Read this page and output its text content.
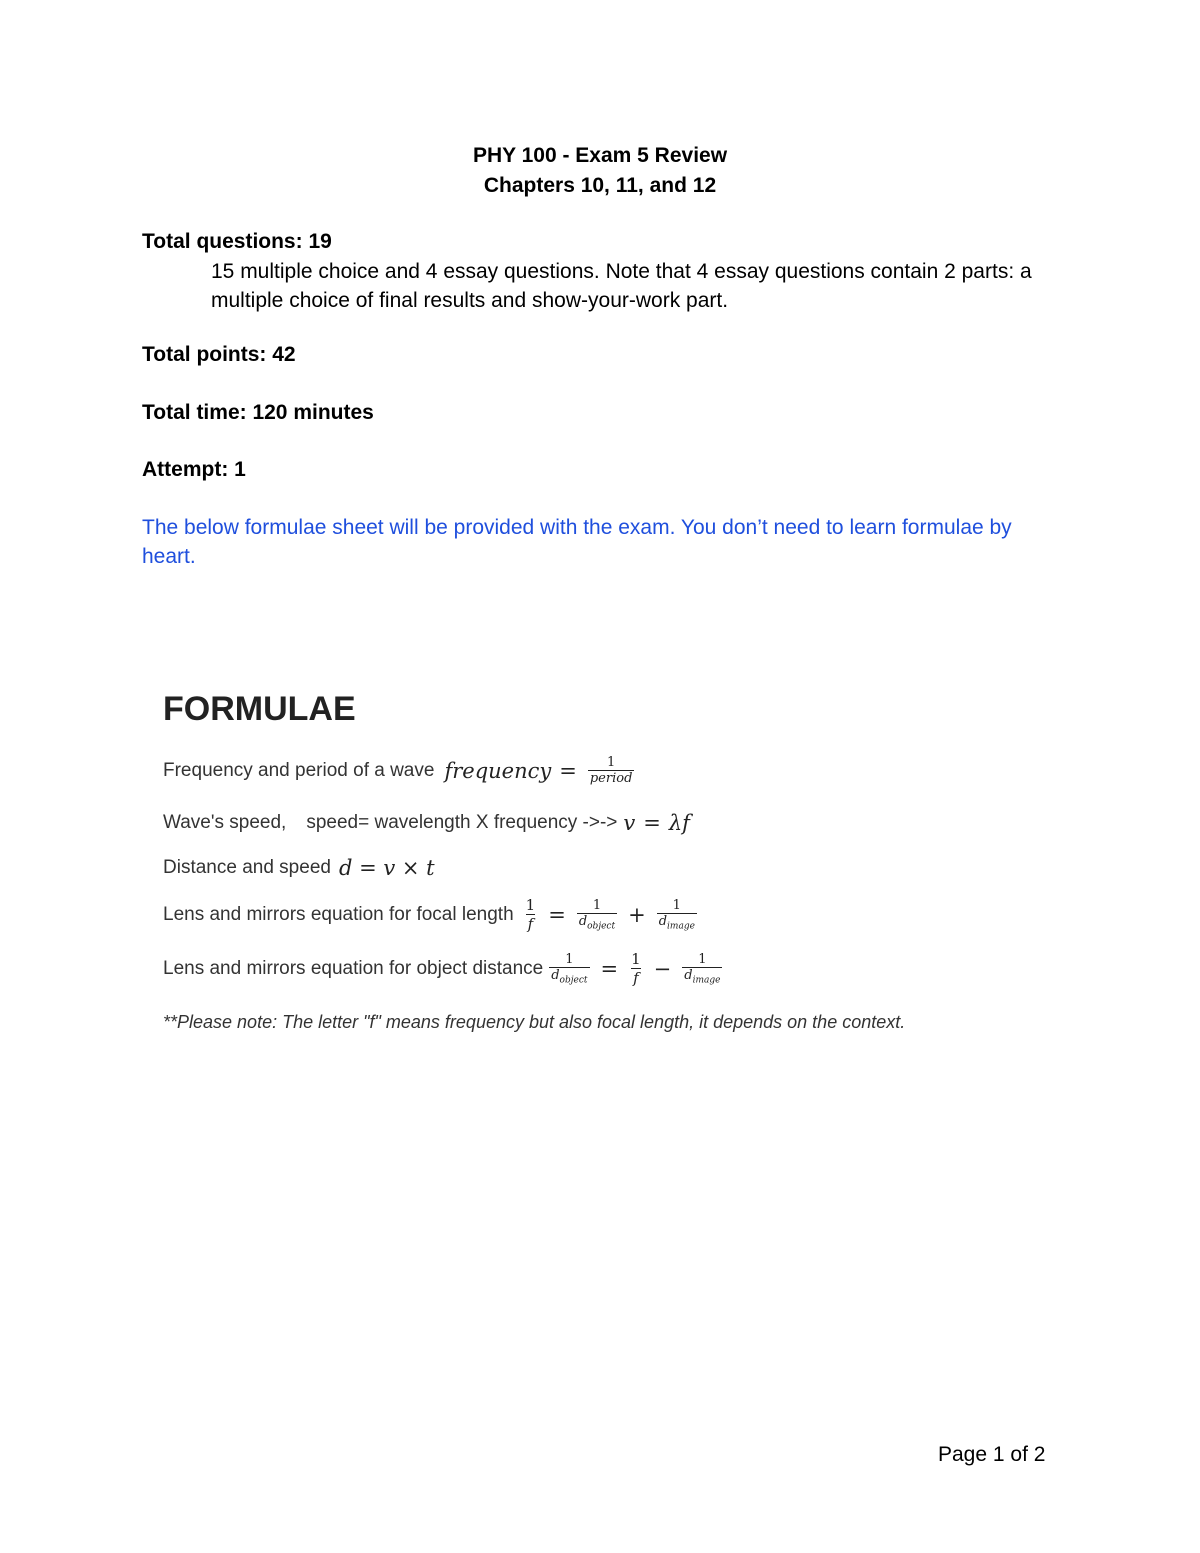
PHY 100 - Exam 5 Review
Chapters 10, 11, and 12
Total questions: 19
15 multiple choice and 4 essay questions. Note that 4 essay questions contain 2 parts: a multiple choice of final results and show-your-work part.
Total points: 42
Total time: 120 minutes
Attempt: 1
The below formulae sheet will be provided with the exam. You don’t need to learn formulae by heart.
FORMULAE
Frequency and period of a wave frequency = $\frac{1}{\text{period}}$
Wave's speed, speed= wavelength X frequency ->-> v = λf
Distance and speed d = v × t
Lens and mirrors equation for focal length $\frac{1}{f} = \frac{1}{d_{object}} + \frac{1}{d_{image}}$
Lens and mirrors equation for object distance $\frac{1}{d_{object}} = \frac{1}{f} - \frac{1}{d_{image}}$
**Please note: The letter "f" means frequency but also focal length, it depends on the context.
Page 1 of 2
